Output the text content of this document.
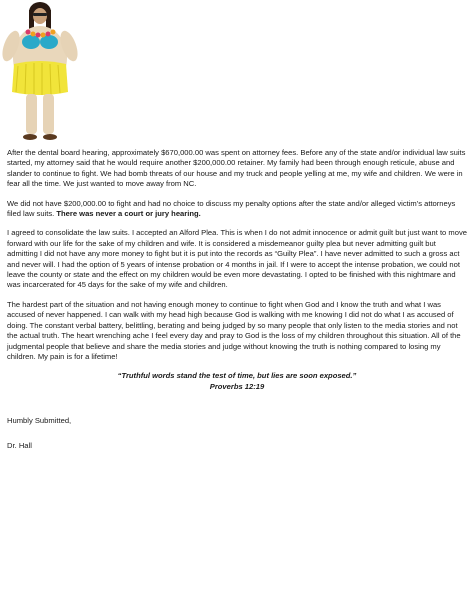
After the dental board hearing, approximately $670,000.00 was spent on attorney fees. Before any of the state and/or individual law suits started, my attorney said that he would require another $200,000.00 retainer. My family had been through enough reticule, abuse and slander to continue to fight. We had bomb threats of our house and my truck and people yelling at me, my wife and children. We were in fear all the time. We just wanted to move away from NC.

We did not have $200,000.00 to fight and had no choice to discuss my penalty options after the state and/or alleged victim's attorneys filed law suits. There was never a court or jury hearing.

I agreed to consolidate the law suits. I accepted an Alford Plea. This is when I do not admit innocence or admit guilt but just want to move forward with our life for the sake of my children and wife. It is considered a misdemeanor guilty plea but never admitting guilt but admitting I did not have any more money to fight but it is put into the records as “Guilty Plea”. I have never admitted to such a gross act and never will. I had the option of 5 years of intense probation or 4 months in jail. If I were to accept the intense probation, we could not leave the county or state and the effect on my children would be even more devastating. I opted to be finished with this nightmare and was incarcerated for 45 days for the sake of my wife and children.

The hardest part of the situation and not having enough money to continue to fight when God and I know the truth and what I was accused of never happened. I can walk with my head high because God is walking with me knowing I did not do what I as accused of doing. The constant verbal battery, belittling, berating and being judged by so many people that only listen to the media stories and not the actual truth. The heart wrenching ache I feel every day and pray to God is the loss of my children throughout this situation. All of the judgmental people that believe and share the media stories and judge without knowing the truth is nothing compared to losing my children. My pain is for a lifetime!

“Truthful words stand the test of time, but lies are soon exposed.”
Proverbs 12:19
Humbly Submitted,
Dr. Hall
